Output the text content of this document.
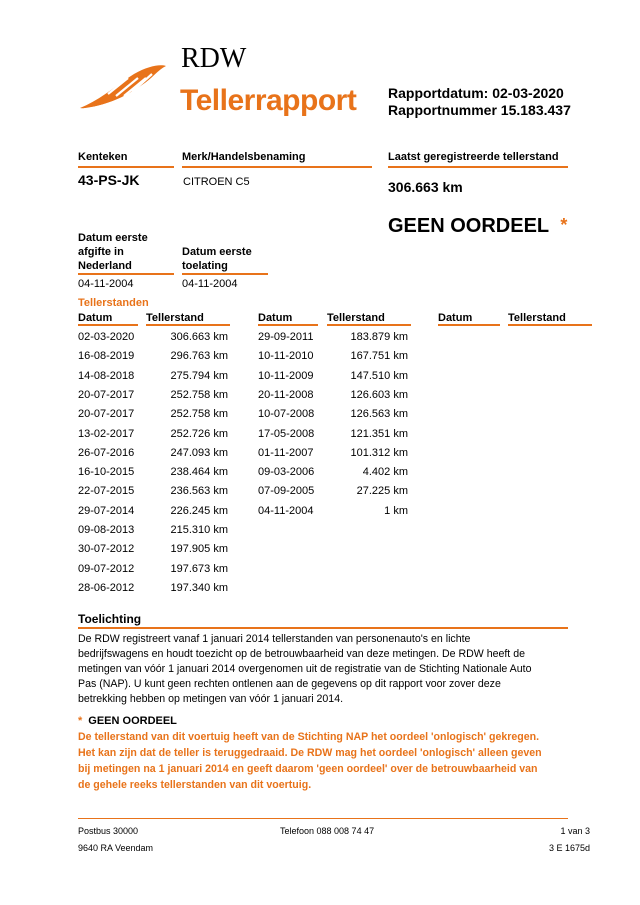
RDW
Tellerrapport Rapportdatum: 02-03-2020
Rapportnummer 15.183.437
Kenteken
43-PS-JK
Merk/Handelsbenaming
CITROEN C5
Laatst geregistreerde tellerstand
306.663 km
GEEN OORDEEL *
Datum eerste
afgifte in
Nederland
04-11-2004
Datum eerste
toelating
04-11-2004
Tellerstanden
Datum	Tellerstand	Datum	Tellerstand	Datum	Tellerstand
02-03-2020	306.663 km
16-08-2019	296.763 km
14-08-2018	275.794 km
20-07-2017	252.758 km
20-07-2017	252.758 km
13-02-2017	252.726 km
26-07-2016	247.093 km
16-10-2015	238.464 km
22-07-2015	236.563 km
29-07-2014	226.245 km
09-08-2013	215.310 km
30-07-2012	197.905 km
09-07-2012	197.673 km
28-06-2012	197.340 km
29-09-2011	183.879 km
10-11-2010	167.751 km
10-11-2009	147.510 km
20-11-2008	126.603 km
10-07-2008	126.563 km
17-05-2008	121.351 km
01-11-2007	101.312 km
09-03-2006	4.402 km
07-09-2005	27.225 km
04-11-2004	1 km
Toelichting
De RDW registreert vanaf 1 januari 2014 tellerstanden van personenauto's en lichte
bedrijfswagens en houdt toezicht op de betrouwbaarheid van deze metingen. De RDW heeft de
metingen van vóór 1 januari 2014 overgenomen uit de registratie van de Stichting Nationale Auto
Pas (NAP). U kunt geen rechten ontlenen aan de gegevens op dit rapport voor zover deze
betrekking hebben op metingen van vóór 1 januari 2014.
* GEEN OORDEEL
De tellerstand van dit voertuig heeft van de Stichting NAP het oordeel 'onlogisch' gekregen.
Het kan zijn dat de teller is teruggedraaid. De RDW mag het oordeel 'onlogisch' alleen geven
bij metingen na 1 januari 2014 en geeft daarom 'geen oordeel' over de betrouwbaarheid van
de gehele reeks tellerstanden van dit voertuig.
Postbus 30000
9640 RA Veendam
Telefoon 088 008 74 47	1 van 3
3 E 1675d
